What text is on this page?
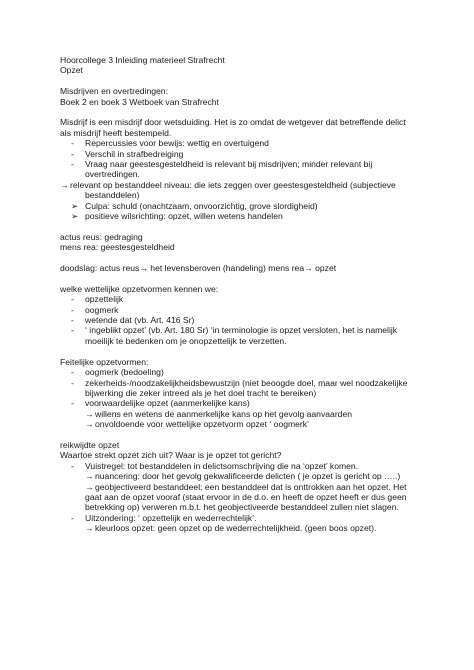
Hoorcollege 3 Inleiding materieel Strafrecht

Opzet

Misdrijven en overtredingen:

Boek 2 en boek 3 Wetboek van Strafrecht

Misdrijf is een misdrijf door wetsduiding. Het is zo omdat de wetgever dat betreffende delict

als misdrijf heeft bestempeld.

-	Repercussies voor bewijs: wettig en overtuigend
-	Verschil in strafbedreiging
-	Vraag naar geestesgesteldheid is relevant bij misdrijven; minder relevant bij

overtredingen.

→ relevant op bestanddeel niveau: die iets zeggen over geestesgesteldheid (subjectieve

bestanddelen)

➢ Culpa: schuld (onachtzaam, onvoorzichtig, grove slordigheid)
➢ positieve wilsrichting: opzet, willen wetens handelen

actus reus: gedraging

mens rea: geestesgesteldheid

doodslag: actus reus→ het levensberoven (handeling) mens rea→ opzet

welke wettelijke opzetvormen kennen we:

-	opzettelijk
-	oogmerk
-	wetende dat (vb. Art. 416 Sr)
-	‘ ingeblikt opzet’ (vb. Art. 180 Sr) ‘in terminologie is opzet versloten, het is namelijk

moeilijk te bedenken om je onopzettelijk te verzetten.

Feitelijke opzetvormen:

-	oogmerk (bedoeling)
-	zekerheids-/noodzakelijkheidsbewustzijn (niet beoogde doel, maar wel noodzakelijke

bijwerking die zeker intreed als je het doel tracht te bereiken)

-	voorwaardelijke opzet (aanmerkelijke kans)
→ willens en wetens de aanmerkelijke kans op het gevolg aanvaarden
→ onvoldoende voor wettelijke opzetvorm opzet ‘ oogmerk’

reikwijdte opzet

Waartoe strekt opzet zich uit? Waar is je opzet tot gericht?

-	Vuistregel: tot bestanddelen in delictsomschrijving die na ‘opzet’ komen.
→ nuancering: door het gevolg gekwalificeerde delicten ( je opzet is gericht op …..)
→ geobjectiveerd bestanddeel: een bestanddeel dat is onttrokken aan het opzet. Het

gaat aan de opzet vooraf (staat ervoor in de d.o. en heeft de opzet heeft er dus geen

betrekking op) verweren m.b.t. het geobjectiveerde bestanddeel zullen niet slagen.

-	Uitzondering: ‘ opzettelijk en wederrechtelijk’.
→ kleurloos opzet: geen opzet op de wederrechtelijkheid. (geen boos opzet).
